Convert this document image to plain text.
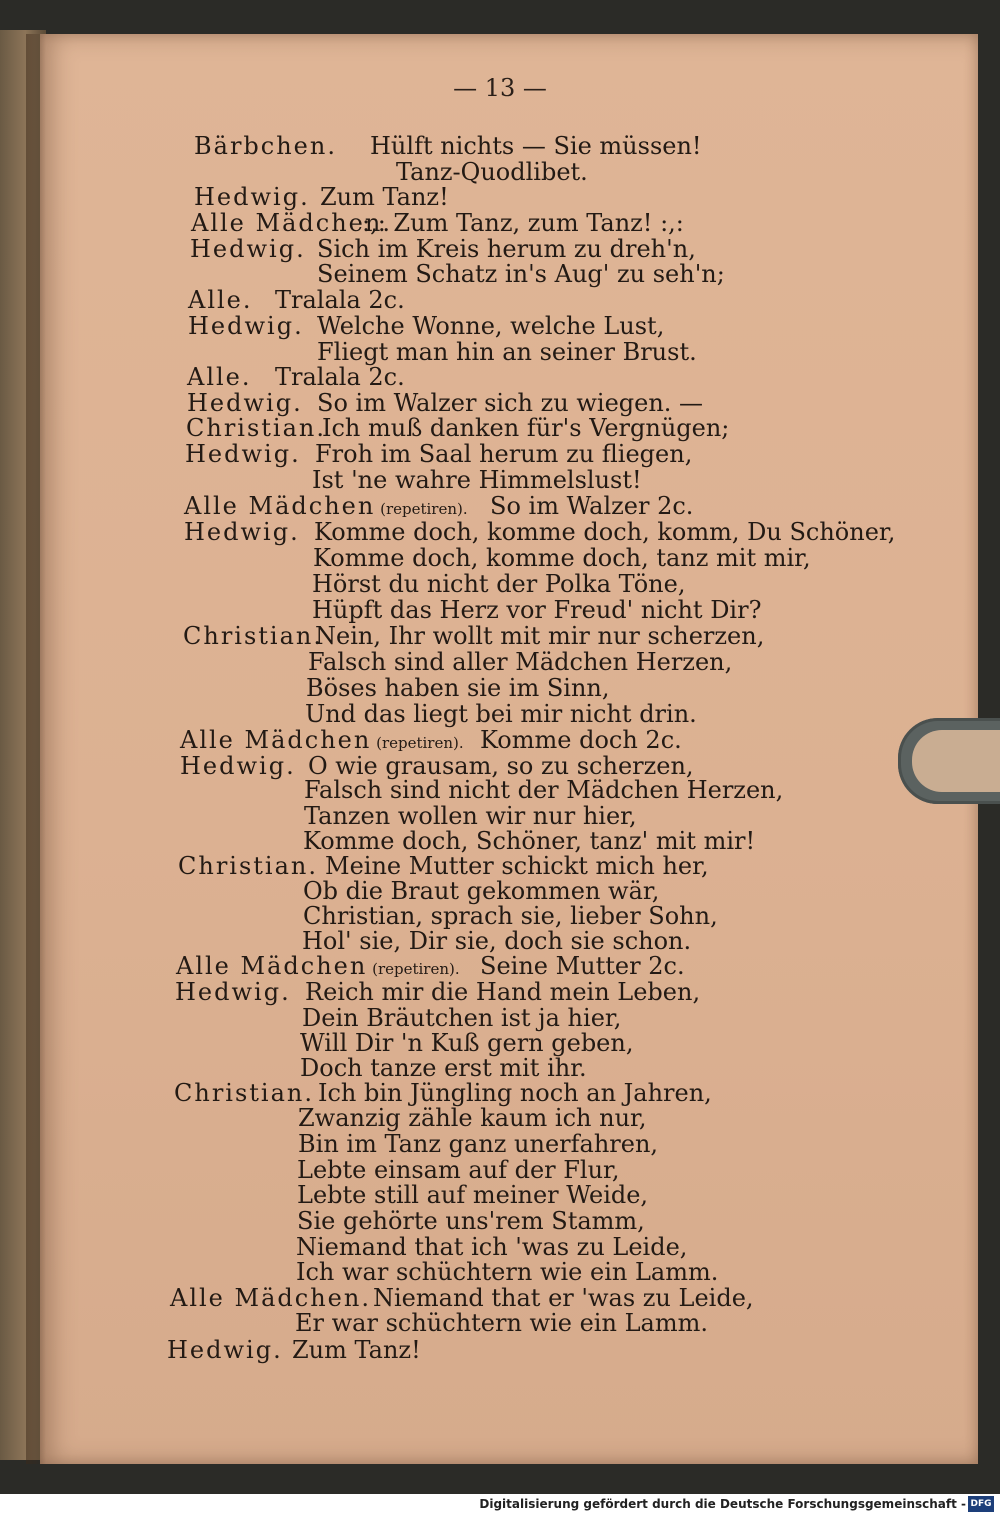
— 13 —
Bärbchen. Hülft nichts — Sie müssen!
Tanz-Quodlibet.
Hedwig. Zum Tanz!
Alle Mädchen.
:,: Zum Tanz, zum Tanz! :,:
Hedwig. Sich im Kreis herum zu dreh'n,
Seinem Schatz in's Aug' zu seh'n;
Alle. Tralala 2c.
Hedwig. Welche Wonne, welche Lust,
Fliegt man hin an seiner Brust.
Alle. Tralala 2c.
Hedwig. So im Walzer sich zu wiegen. —
Christian.
Ich muß danken für's Vergnügen;
Hedwig. Froh im Saal herum zu fliegen,
Ist 'ne wahre Himmelslust!
Alle Mädchen (repetiren). So im Walzer 2c.
Hedwig. Komme doch, komme doch, komm, Du Schöner,
Komme doch, komme doch, tanz mit mir,
Hörst du nicht der Polka Töne,
Hüpft das Herz vor Freud' nicht Dir?
Christian.
Nein, Ihr wollt mit mir nur scherzen,
Falsch sind aller Mädchen Herzen,
Böses haben sie im Sinn,
Und das liegt bei mir nicht drin.
Alle Mädchen (repetiren). Komme doch 2c.
Hedwig. O wie grausam, so zu scherzen,
Falsch sind nicht der Mädchen Herzen,
Tanzen wollen wir nur hier,
Komme doch, Schöner, tanz' mit mir!
Christian. Meine Mutter schickt mich her,
Ob die Braut gekommen wär,
Christian, sprach sie, lieber Sohn,
Hol' sie, Dir sie, doch sie schon.
Alle Mädchen (repetiren). Seine Mutter 2c.
Hedwig. Reich mir die Hand mein Leben,
Dein Bräutchen ist ja hier,
Will Dir 'n Kuß gern geben,
Doch tanze erst mit ihr.
Christian. Ich bin Jüngling noch an Jahren,
Zwanzig zähle kaum ich nur,
Bin im Tanz ganz unerfahren,
Lebte einsam auf der Flur,
Lebte still auf meiner Weide,
Sie gehörte uns'rem Stamm,
Niemand that ich 'was zu Leide,
Ich war schüchtern wie ein Lamm.
Alle Mädchen. Niemand that er 'was zu Leide,
Er war schüchtern wie ein Lamm.
Hedwig. Zum Tanz!
Digitalisierung gefördert durch die Deutsche Forschungsgemeinschaft - DFG
